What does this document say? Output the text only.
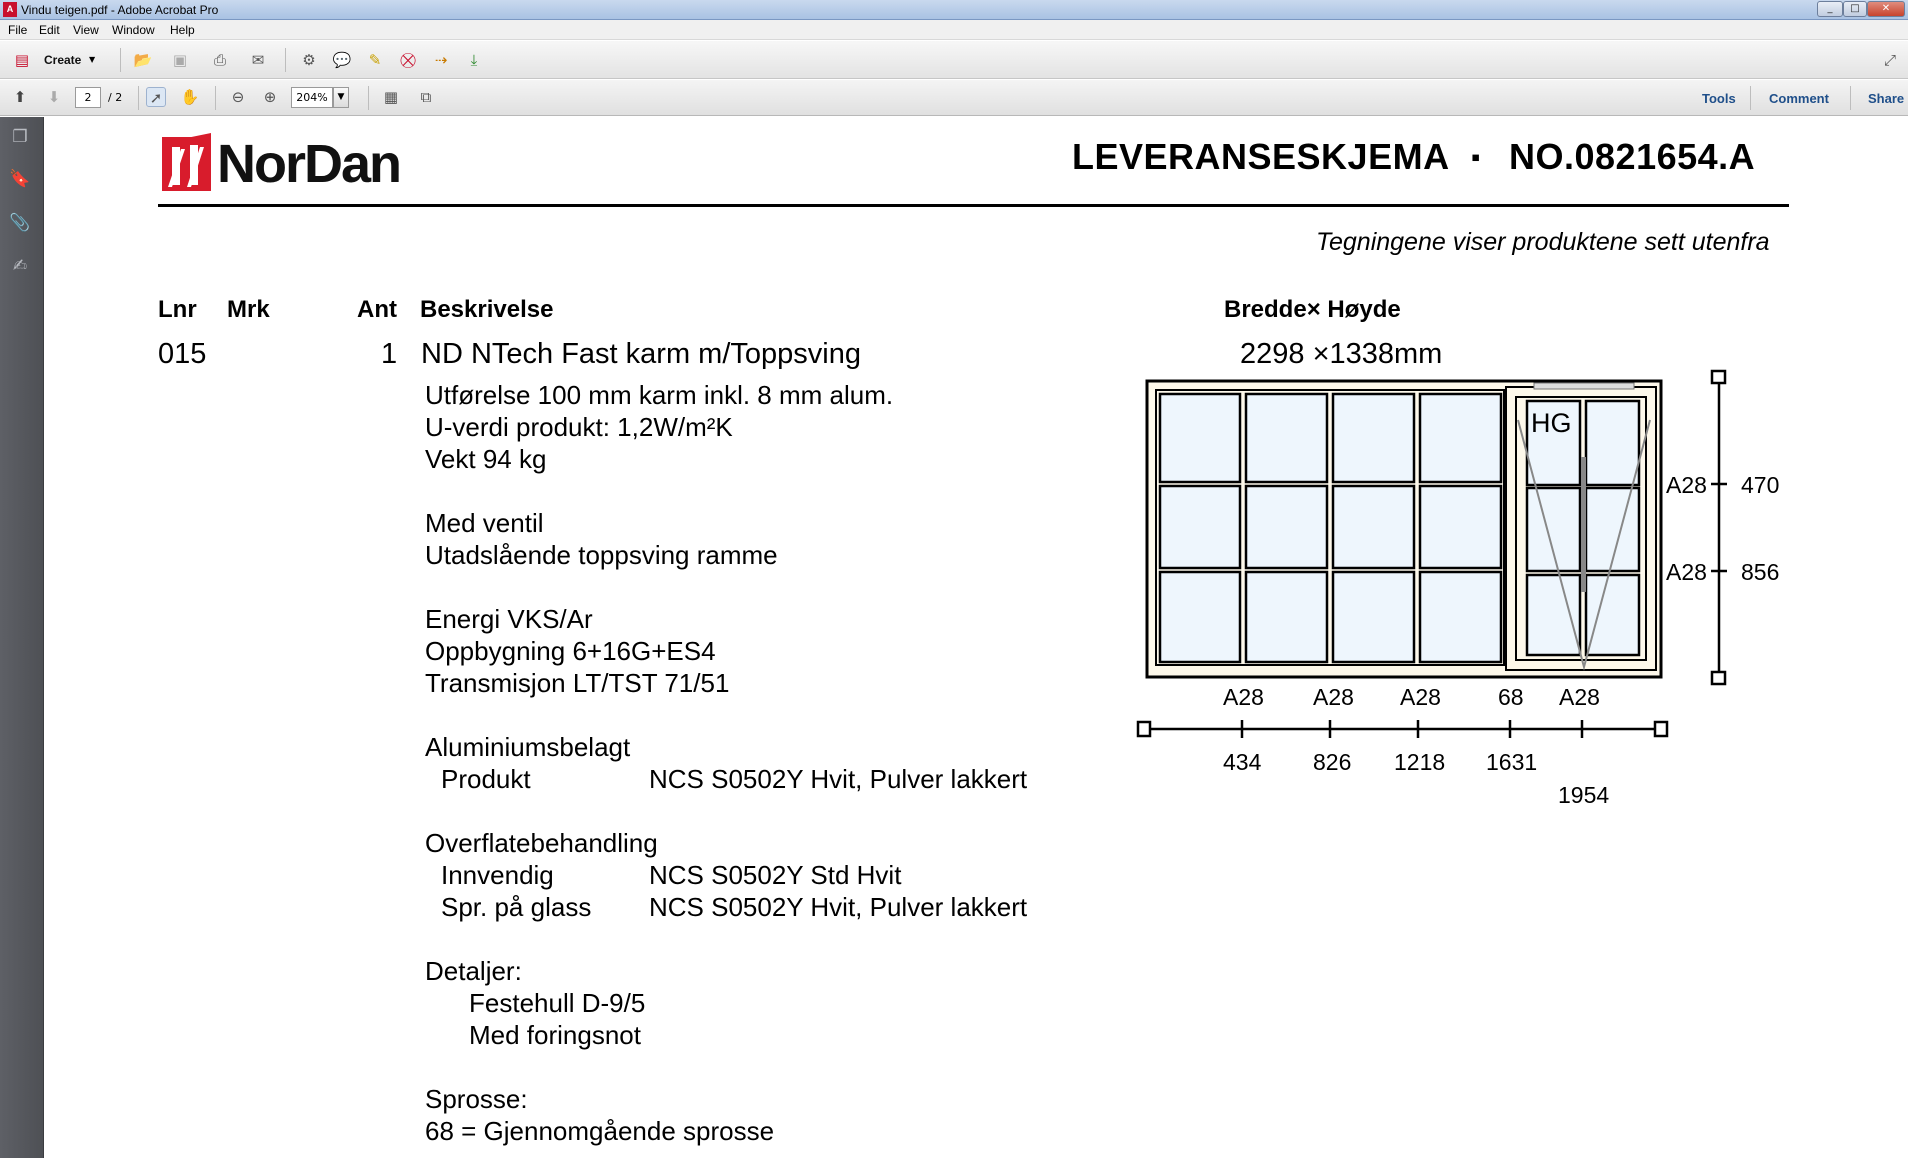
A Vindu teigen.pdf - Adobe Acrobat Pro	_	□	✕
File Edit View Window Help
▤ Create ▼	📂 ▣ ⎙ ✉	⚙ 💬 ✎ ⛒ ⇢	⤓	⤢
⬆ ⬇	2	/ 2 ➚ ✋ ⊖ ⊕	204%	▼	▦	⧉	Tools	Comment	Share
❐
🔖
📎
✍
NorDan	LEVERANSESKJEMA ▪ NO.0821654.A
Tegningene viser produktene sett utenfra
Lnr Mrk	Ant Beskrivelse	Bredde× Høyde
015	1 ND NTech Fast karm m/Toppsving	2298 ×1338mm
Utførelse 100 mm karm inkl. 8 mm alum.
U-verdi produkt: 1,2W/m²K
Vekt 94 kg
Med ventil
Utadslående toppsving ramme
Energi VKS/Ar
Oppbygning 6+16G+ES4
Transmisjon LT/TST 71/51
Aluminiumsbelagt
Produkt	NCS S0502Y Hvit, Pulver lakkert
Overflatebehandling
Innvendig	NCS S0502Y Std Hvit
Spr. på glass NCS S0502Y Hvit, Pulver lakkert
Detaljer:
Festehull D-9/5
Med foringsnot
Sprosse:
68 = Gjennomgående sprosse
HG
A28 470
A28 856
A28 A28 A28 68 A28
434 826 1218 1631
1954
